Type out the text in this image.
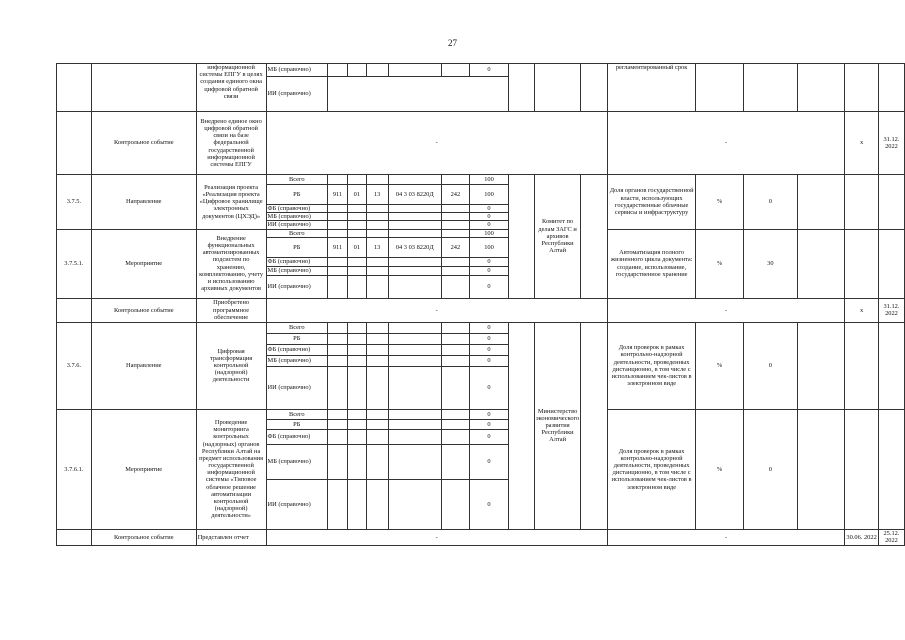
27
		информационной системы ЕПГУ в целях создания единого окна цифровой обратной связи	МБ (справочно)						0				регламентированный срок					
			ИИ (справочно)															
	Контрольное событие	Внедрено единое окно цифровой обратной связи на базе федеральной государственной информационной системы ЕПГУ	-										-				x	31.12. 2022
3.7.5.	Направление	Реализация проекта «Реализация проекта «Цифровое хранилище электронных документов (ЦХЭД)»	Всего						100		Комитет по делам ЗАГС и архивов Республики Алтай		Доля органов государственной власти, использующих государственные облачные сервисы и инфраструктуру	%	0			
			РБ	911	01	13	04 3 03 8220Д	242	100									
			ФБ (справочно)						0									
			МБ (справочно)						0									
			ИИ (справочно)						0									
3.7.5.1.	Мероприятие	Внедрение функциональных автоматизированных подсистем по хранению, комплектованию, учету и использованию архивных документов	Всего						100				Автоматизация полного жизненного цикла документа: создание, использование, государственное хранение	%	30			
			РБ	911	01	13	04 3 03 8220Д	242	100									
			ФБ (справочно)						0									
			МБ (справочно)						0									
			ИИ (справочно)						0									
	Контрольное событие	Приобретено программное обеспечение	-										-				x	31.12. 2022
3.7.6.	Направление	Цифровая трансформация контрольной (надзорной) деятельности	Всего						0		Министерство экономического развития Республики Алтай		Доля проверок в рамках контрольно-надзорной деятельности, проведенных дистанционно, в том числе с использованием чек-листов в электронном виде	%	0			
			РБ						0									
			ФБ (справочно)						0									
			МБ (справочно)						0									
			ИИ (справочно)						0									
3.7.6.1.	Мероприятие	Проведение мониторинга контрольных (надзорных) органов Республики Алтай на предмет использования государственной информационной системы «Типовое облачное решение автоматизации контрольной (надзорной) деятельности»	Всего						0				Доля проверок в рамках контрольно-надзорной деятельности, проведенных дистанционно, в том числе с использованием чек-листов в электронном виде	%	0			
			РБ						0									
			ФБ (справочно)						0									
			МБ (справочно)						0									
			ИИ (справочно)						0									
	Контрольное событие	Представлен отчет	-										-				30.06. 2022	25.12. 2022
